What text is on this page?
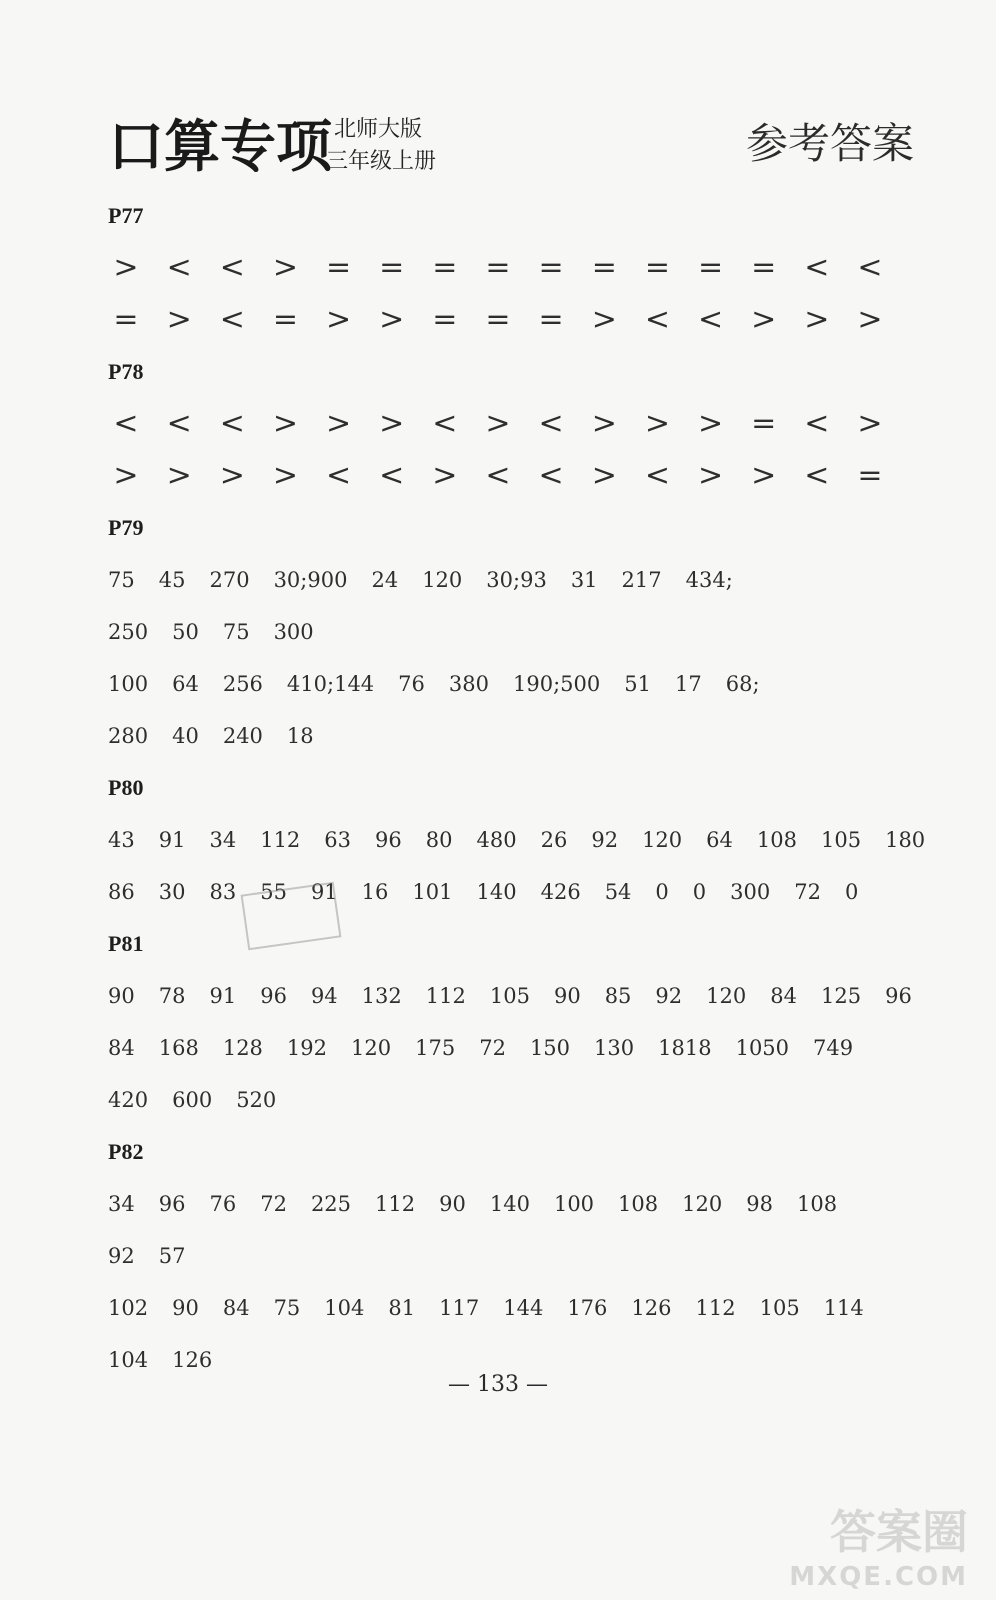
口算专项 北师大版
三年级上册	参考答案
P77
> < < > = = = = = = = = = < <
= > < = > > = = = > < < > > >
P78
< < < > > > < > < > > > = < >
> > > > < < > < < > < > > < =
P79
75 45 270 30;900 24 120 30;93 31 217 434;
250 50 75 300
100 64 256 410;144 76 380 190;500 51 17 68;
280 40 240 18
P80
43 91 34 112 63 96 80 480 26 92 120 64 108 105 180
86 30 83 55 91 16 101 140 426 54 0 0 300 72 0
P81
90 78 91 96 94 132 112 105 90 85 92 120 84 125 96
84 168 128 192 120 175 72 150 130 1818 1050 749
420 600 520
P82
34 96 76 72 225 112 90 140 100 108 120 98 108
92 57
102 90 84 75 104 81 117 144 176 126 112 105 114
104 126
— 133 —
答案圈
MXQE.COM
